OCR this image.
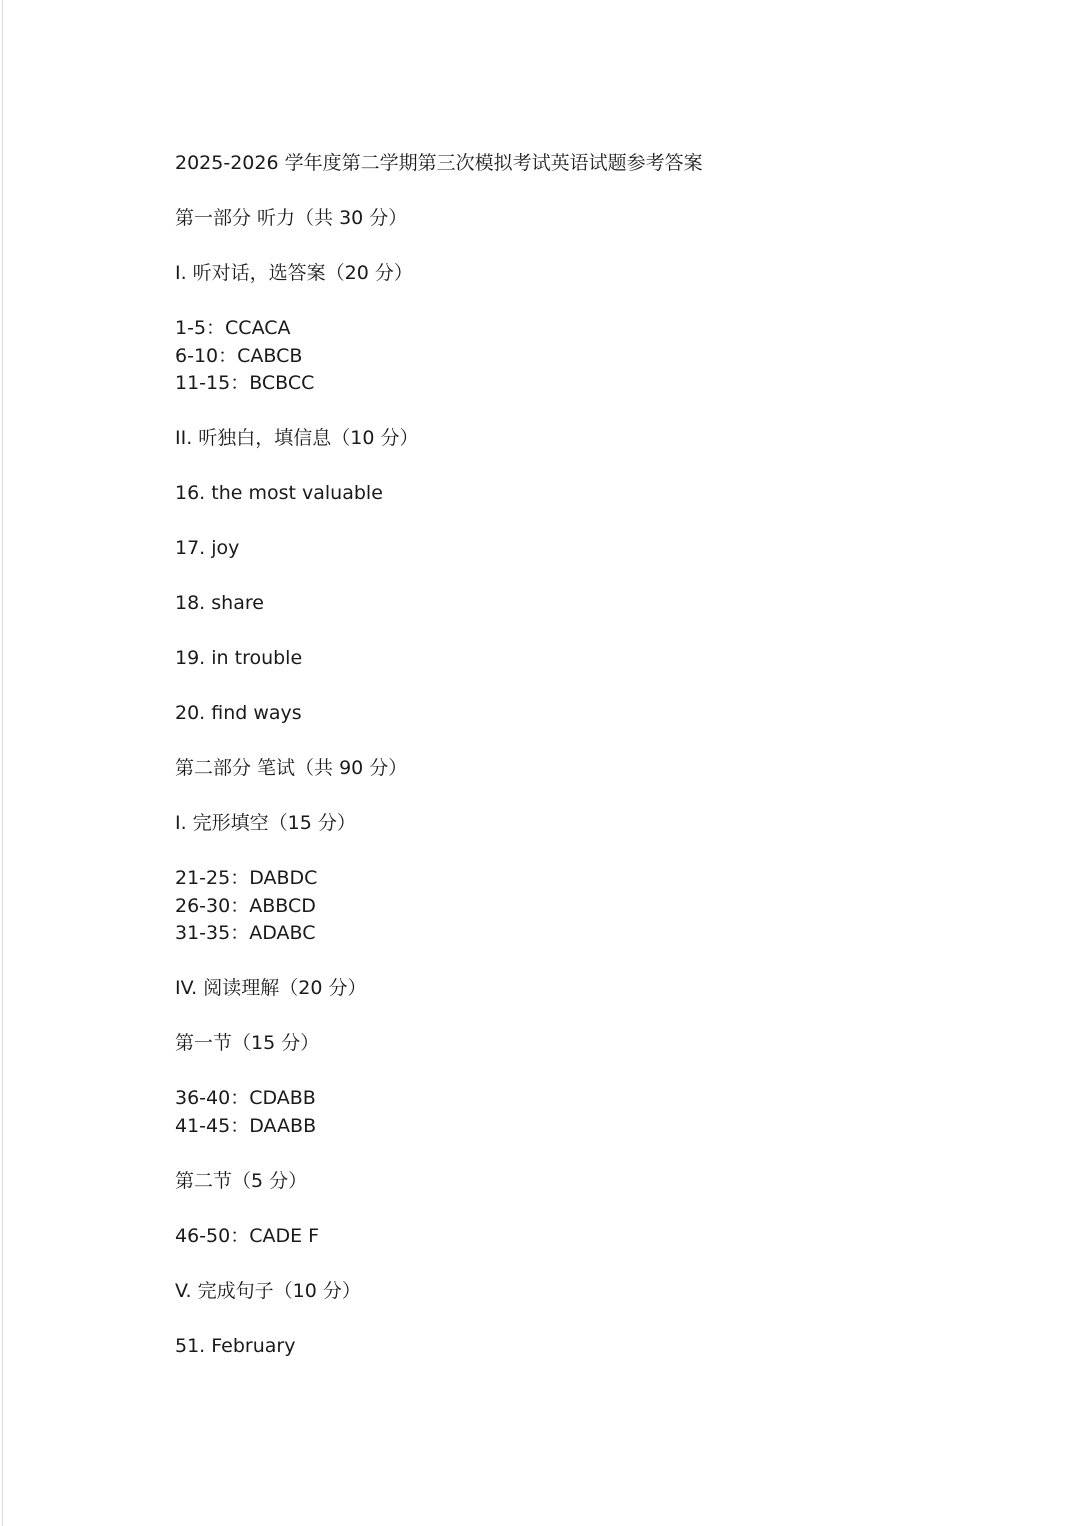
2025-2026 学年度第二学期第三次模拟考试英语试题参考答案
第一部分 听力（共 30 分）
I. 听对话，选答案（20 分）
1-5：CCACA
6-10：CABCB
11-15：BCBCC
II. 听独白，填信息（10 分）
16. the most valuable
17. joy
18. share
19. in trouble
20. find ways
第二部分 笔试（共 90 分）
I. 完形填空（15 分）
21-25：DABDC
26-30：ABBCD
31-35：ADABC
IV. 阅读理解（20 分）
第一节（15 分）
36-40：CDABB
41-45：DAABB
第二节（5 分）
46-50：CADE F
V. 完成句子（10 分）
51. February
